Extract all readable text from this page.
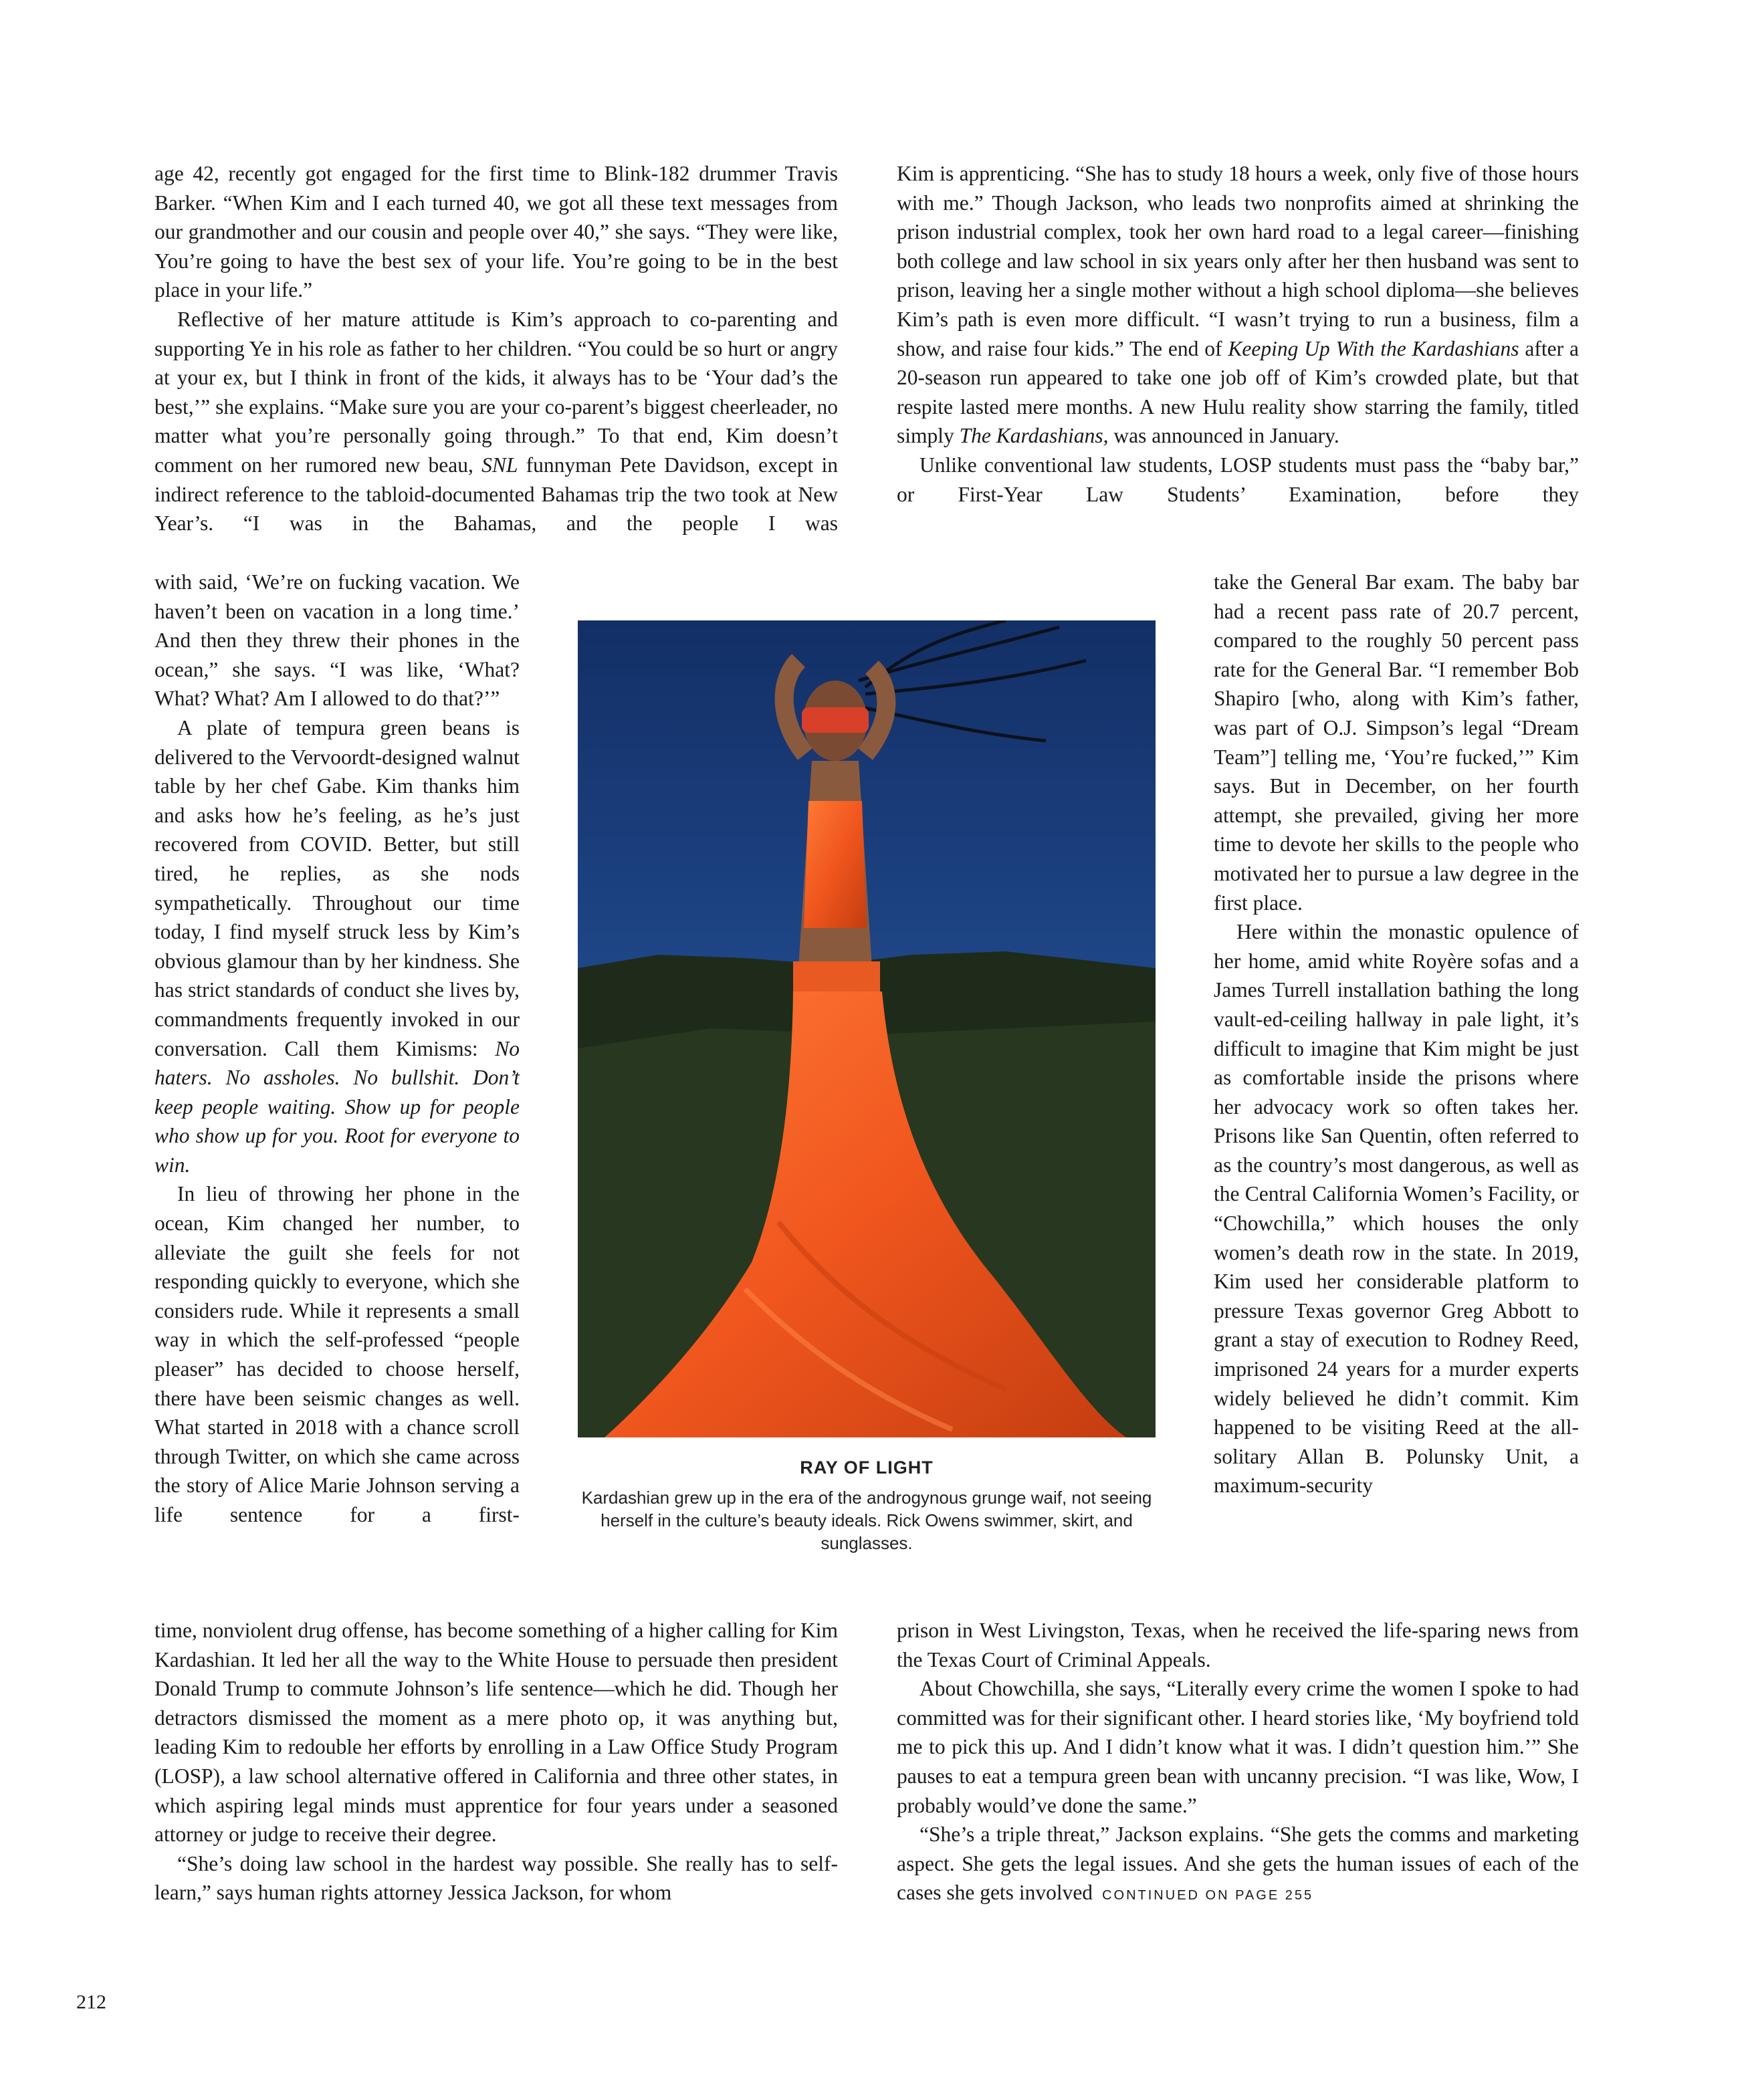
age 42, recently got engaged for the first time to Blink-182 drummer Travis Barker. “When Kim and I each turned 40, we got all these text messages from our grandmother and our cousin and people over 40,” she says. “They were like, You’re going to have the best sex of your life. You’re going to be in the best place in your life.”

Reflective of her mature attitude is Kim’s approach to co-parenting and supporting Ye in his role as father to her children. “You could be so hurt or angry at your ex, but I think in front of the kids, it always has to be ‘Your dad’s the best,’” she explains. “Make sure you are your co-parent’s biggest cheerleader, no matter what you’re personally going through.” To that end, Kim doesn’t comment on her rumored new beau, SNL funnyman Pete Davidson, except in indirect reference to the tabloid-documented Bahamas trip the two took at New Year’s. “I was in the Bahamas, and the people I was

Kim is apprenticing. “She has to study 18 hours a week, only five of those hours with me.” Though Jackson, who leads two nonprofits aimed at shrinking the prison industrial complex, took her own hard road to a legal career—finishing both college and law school in six years only after her then husband was sent to prison, leaving her a single mother without a high school diploma—she believes Kim’s path is even more difficult. “I wasn’t trying to run a business, film a show, and raise four kids.” The end of Keeping Up With the Kardashians after a 20-season run appeared to take one job off of Kim’s crowded plate, but that respite lasted mere months. A new Hulu reality show starring the family, titled simply The Kardashians, was announced in January.

Unlike conventional law students, LOSP students must pass the “baby bar,” or First-Year Law Students’ Examination, before they

with said, ‘We’re on fucking vacation. We haven’t been on vacation in a long time.’ And then they threw their phones in the ocean,” she says. “I was like, ‘What? What? What? Am I allowed to do that?’”

A plate of tempura green beans is delivered to the Vervoordt-designed walnut table by her chef Gabe. Kim thanks him and asks how he’s feeling, as he’s just recovered from COVID. Better, but still tired, he replies, as she nods sympathetically. Throughout our time today, I find myself struck less by Kim’s obvious glamour than by her kindness. She has strict standards of conduct she lives by, commandments frequently invoked in our conversation. Call them Kimisms: No haters. No assholes. No bullshit. Don’t keep people waiting. Show up for people who show up for you. Root for everyone to win.

In lieu of throwing her phone in the ocean, Kim changed her number, to alleviate the guilt she feels for not responding quickly to everyone, which she considers rude. While it represents a small way in which the self-professed “people pleaser” has decided to choose herself, there have been seismic changes as well. What started in 2018 with a chance scroll through Twitter, on which she came across the story of Alice Marie Johnson serving a life sentence for a first-

take the General Bar exam. The baby bar had a recent pass rate of 20.7 percent, compared to the roughly 50 percent pass rate for the General Bar. “I remember Bob Shapiro [who, along with Kim’s father, was part of O.J. Simpson’s legal “Dream Team”] telling me, ‘You’re fucked,’” Kim says. But in December, on her fourth attempt, she prevailed, giving her more time to devote her skills to the people who motivated her to pursue a law degree in the first place.

Here within the monastic opulence of her home, amid white Royère sofas and a James Turrell installation bathing the long vault-ed-ceiling hallway in pale light, it’s difficult to imagine that Kim might be just as comfortable inside the prisons where her advocacy work so often takes her. Prisons like San Quentin, often referred to as the country’s most dangerous, as well as the Central California Women’s Facility, or “Chowchilla,” which houses the only women’s death row in the state. In 2019, Kim used her considerable platform to pressure Texas governor Greg Abbott to grant a stay of execution to Rodney Reed, imprisoned 24 years for a murder experts widely believed he didn’t commit. Kim happened to be visiting Reed at the all-solitary Allan B. Polunsky Unit, a maximum-security

time, nonviolent drug offense, has become something of a higher calling for Kim Kardashian. It led her all the way to the White House to persuade then president Donald Trump to commute Johnson’s life sentence—which he did. Though her detractors dismissed the moment as a mere photo op, it was anything but, leading Kim to redouble her efforts by enrolling in a Law Office Study Program (LOSP), a law school alternative offered in California and three other states, in which aspiring legal minds must apprentice for four years under a seasoned attorney or judge to receive their degree.

“She’s doing law school in the hardest way possible. She really has to self-learn,” says human rights attorney Jessica Jackson, for whom

prison in West Livingston, Texas, when he received the life-sparing news from the Texas Court of Criminal Appeals.

About Chowchilla, she says, “Literally every crime the women I spoke to had committed was for their significant other. I heard stories like, ‘My boyfriend told me to pick this up. And I didn’t know what it was. I didn’t question him.’” She pauses to eat a tempura green bean with uncanny precision. “I was like, Wow, I probably would’ve done the same.”

“She’s a triple threat,” Jackson explains. “She gets the comms and marketing aspect. She gets the legal issues. And she gets the human issues of each of the cases she gets involved CONTINUED ON PAGE 255

RAY OF LIGHT
Kardashian grew up in the era of the androgynous grunge waif, not seeing herself in the culture’s beauty ideals. Rick Owens swimmer, skirt, and sunglasses.
212
